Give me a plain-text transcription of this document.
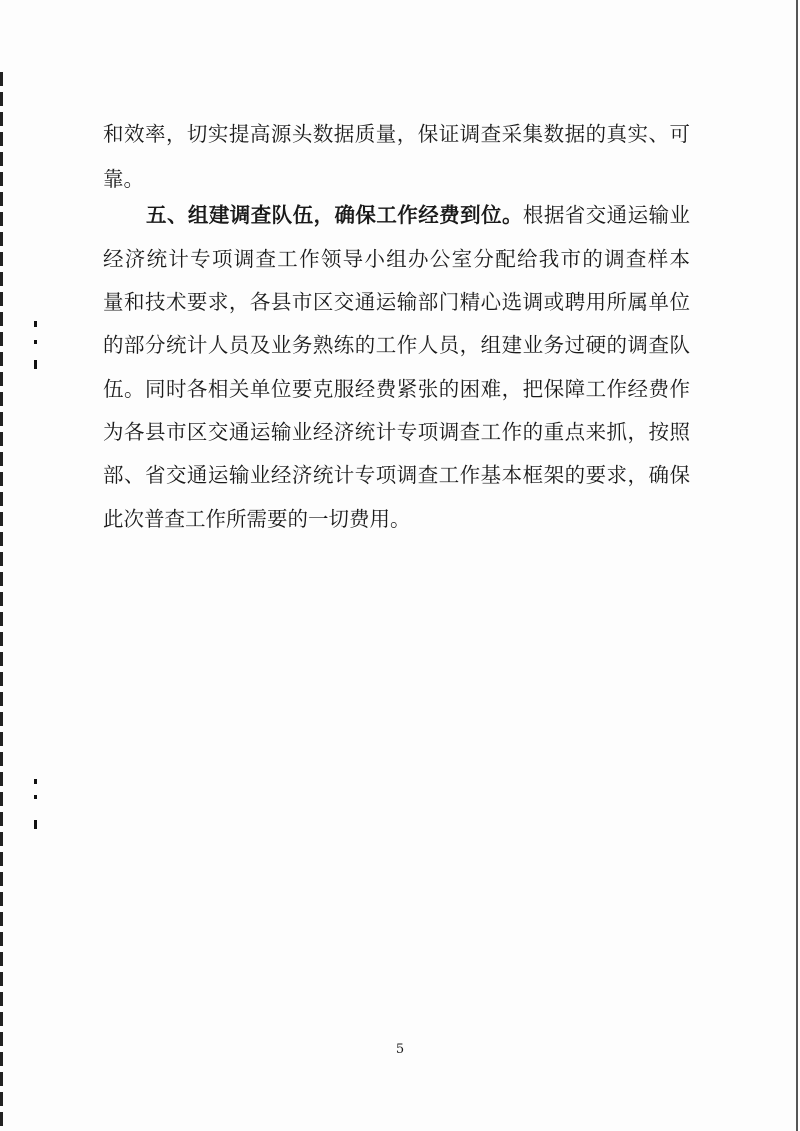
和效率，切实提高源头数据质量，保证调查采集数据的真实、可
靠。
五、组建调查队伍，确保工作经费到位。根据省交通运输业
经济统计专项调查工作领导小组办公室分配给我市的调查样本
量和技术要求，各县市区交通运输部门精心选调或聘用所属单位
的部分统计人员及业务熟练的工作人员，组建业务过硬的调查队
伍。同时各相关单位要克服经费紧张的困难，把保障工作经费作
为各县市区交通运输业经济统计专项调查工作的重点来抓，按照
部、省交通运输业经济统计专项调查工作基本框架的要求，确保
此次普查工作所需要的一切费用。
5
